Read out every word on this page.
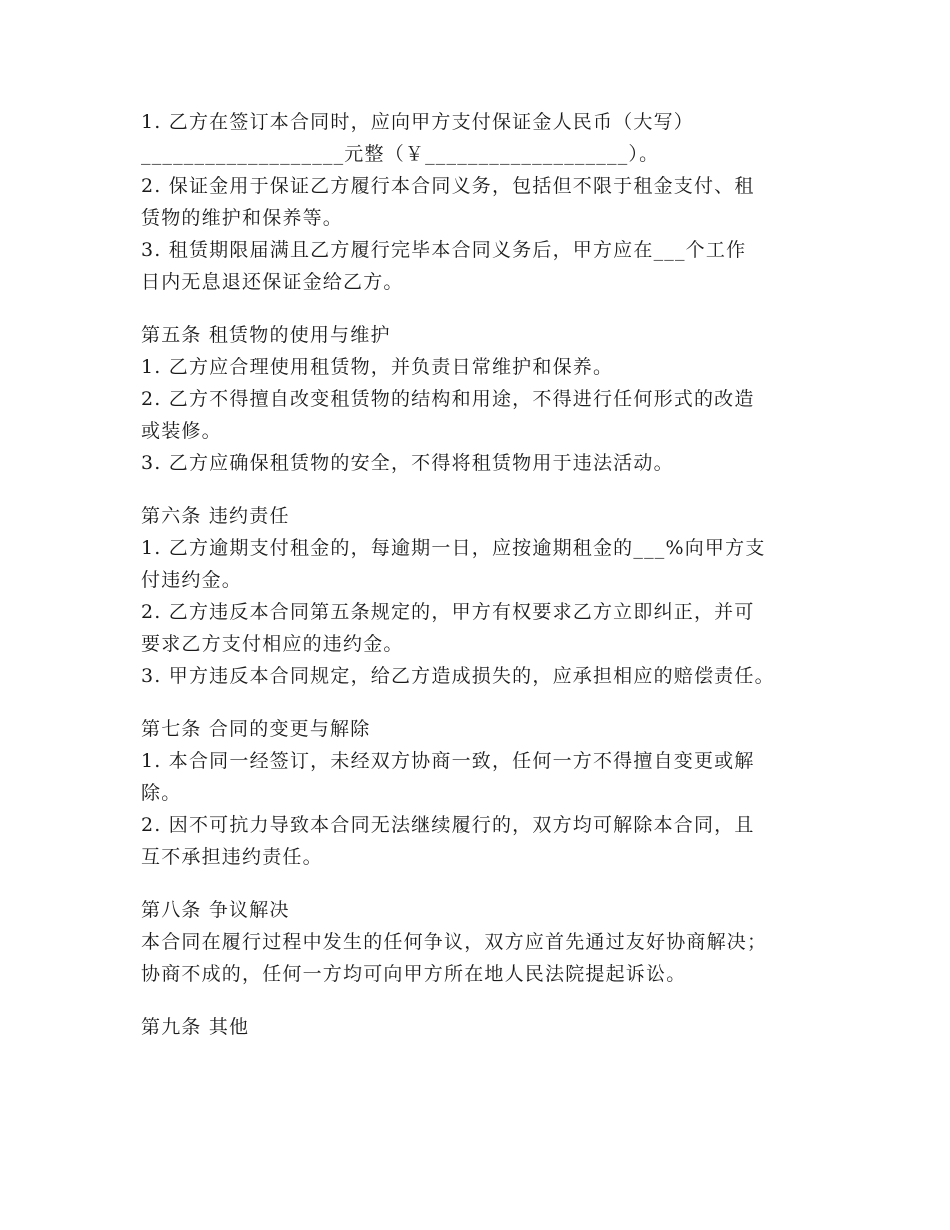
1. 乙方在签订本合同时，应向甲方支付保证金人民币（大写）
___________________元整（￥___________________）。
2. 保证金用于保证乙方履行本合同义务，包括但不限于租金支付、租
赁物的维护和保养等。
3. 租赁期限届满且乙方履行完毕本合同义务后，甲方应在___个工作
日内无息退还保证金给乙方。
第五条 租赁物的使用与维护
1. 乙方应合理使用租赁物，并负责日常维护和保养。
2. 乙方不得擅自改变租赁物的结构和用途，不得进行任何形式的改造
或装修。
3. 乙方应确保租赁物的安全，不得将租赁物用于违法活动。
第六条 违约责任
1. 乙方逾期支付租金的，每逾期一日，应按逾期租金的___%向甲方支
付违约金。
2. 乙方违反本合同第五条规定的，甲方有权要求乙方立即纠正，并可
要求乙方支付相应的违约金。
3. 甲方违反本合同规定，给乙方造成损失的，应承担相应的赔偿责任。
第七条 合同的变更与解除
1. 本合同一经签订，未经双方协商一致，任何一方不得擅自变更或解
除。
2. 因不可抗力导致本合同无法继续履行的，双方均可解除本合同，且
互不承担违约责任。
第八条 争议解决
本合同在履行过程中发生的任何争议，双方应首先通过友好协商解决；
协商不成的，任何一方均可向甲方所在地人民法院提起诉讼。
第九条 其他
